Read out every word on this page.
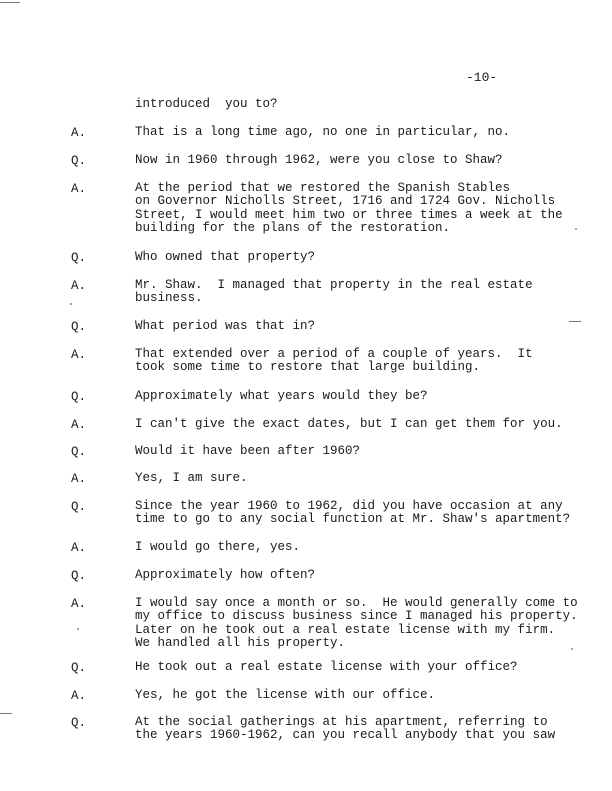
-10-
introduced  you to?
A.	That is a long time ago, no one in particular, no.
Q.	Now in 1960 through 1962, were you close to Shaw?
A.	At the period that we restored the Spanish Stables
on Governor Nicholls Street, 1716 and 1724 Gov. Nicholls
Street, I would meet him two or three times a week at the
building for the plans of the restoration.
Q.	Who owned that property?
A.	Mr. Shaw.  I managed that property in the real estate
business.
Q.	What period was that in?
A.	That extended over a period of a couple of years.  It
took some time to restore that large building.
Q.	Approximately what years would they be?
A.	I can't give the exact dates, but I can get them for you.
Q.	Would it have been after 1960?
A.	Yes, I am sure.
Q.	Since the year 1960 to 1962, did you have occasion at any
time to go to any social function at Mr. Shaw's apartment?
A.	I would go there, yes.
Q.	Approximately how often?
A.	I would say once a month or so.  He would generally come to
my office to discuss business since I managed his property.
Later on he took out a real estate license with my firm.
We handled all his property.
Q.	He took out a real estate license with your office?
A.	Yes, he got the license with our office.
Q.	At the social gatherings at his apartment, referring to
the years 1960-1962, can you recall anybody that you saw
